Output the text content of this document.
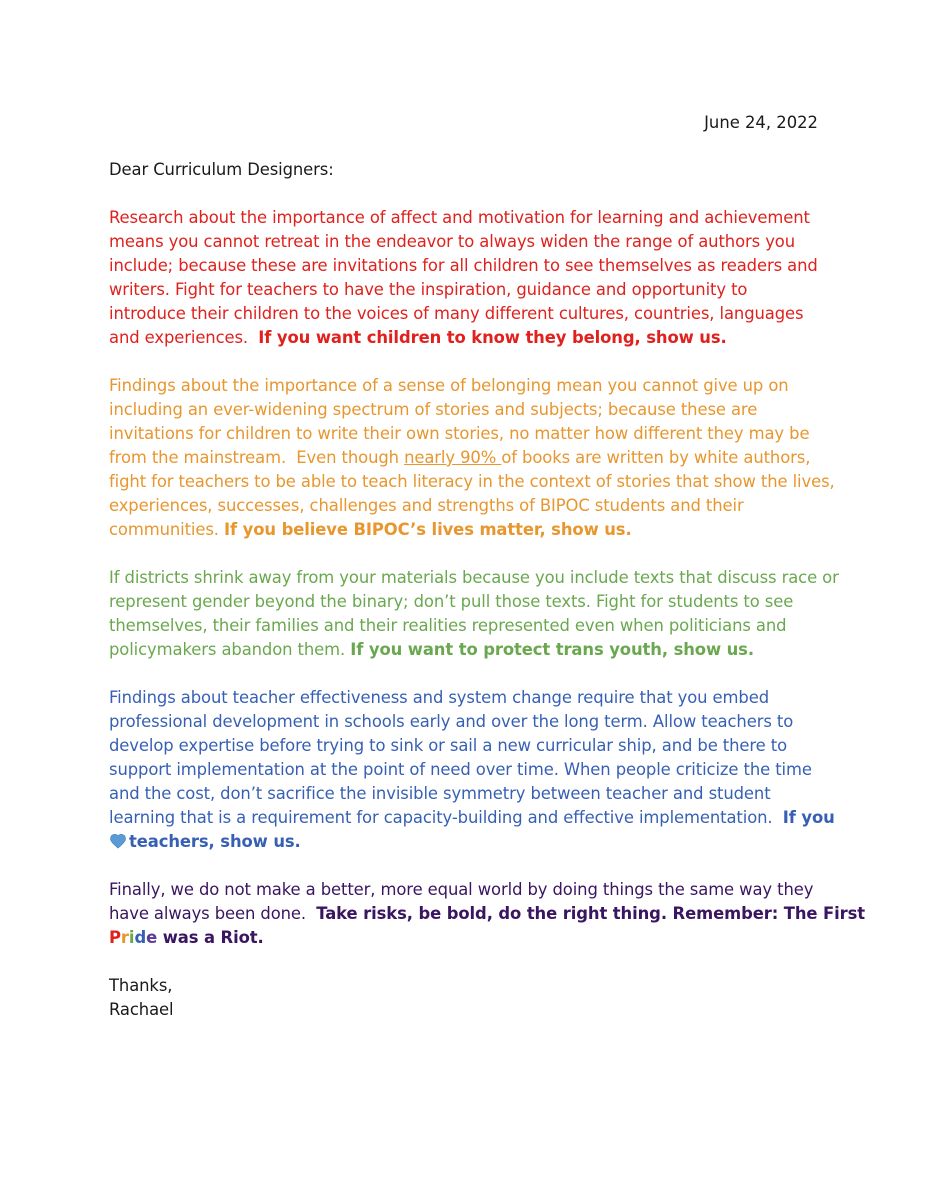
June 24, 2022

Dear Curriculum Designers:

Research about the importance of affect and motivation for learning and achievement
means you cannot retreat in the endeavor to always widen the range of authors you
include; because these are invitations for all children to see themselves as readers and
writers. Fight for teachers to have the inspiration, guidance and opportunity to
introduce their children to the voices of many different cultures, countries, languages
and experiences.  If you want children to know they belong, show us.

Findings about the importance of a sense of belonging mean you cannot give up on
including an ever-widening spectrum of stories and subjects; because these are
invitations for children to write their own stories, no matter how different they may be
from the mainstream.  Even though nearly 90% of books are written by white authors,
fight for teachers to be able to teach literacy in the context of stories that show the lives,
experiences, successes, challenges and strengths of BIPOC students and their
communities. If you believe BIPOC’s lives matter, show us.

If districts shrink away from your materials because you include texts that discuss race or
represent gender beyond the binary; don’t pull those texts. Fight for students to see
themselves, their families and their realities represented even when politicians and
policymakers abandon them. If you want to protect trans youth, show us.

Findings about teacher effectiveness and system change require that you embed
professional development in schools early and over the long term. Allow teachers to
develop expertise before trying to sink or sail a new curricular ship, and be there to
support implementation at the point of need over time. When people criticize the time
and the cost, don’t sacrifice the invisible symmetry between teacher and student
learning that is a requirement for capacity-building and effective implementation.  If you
teachers, show us.

Finally, we do not make a better, more equal world by doing things the same way they
have always been done.  Take risks, be bold, do the right thing. Remember: The First
Pride was a Riot.

Thanks,
Rachael
